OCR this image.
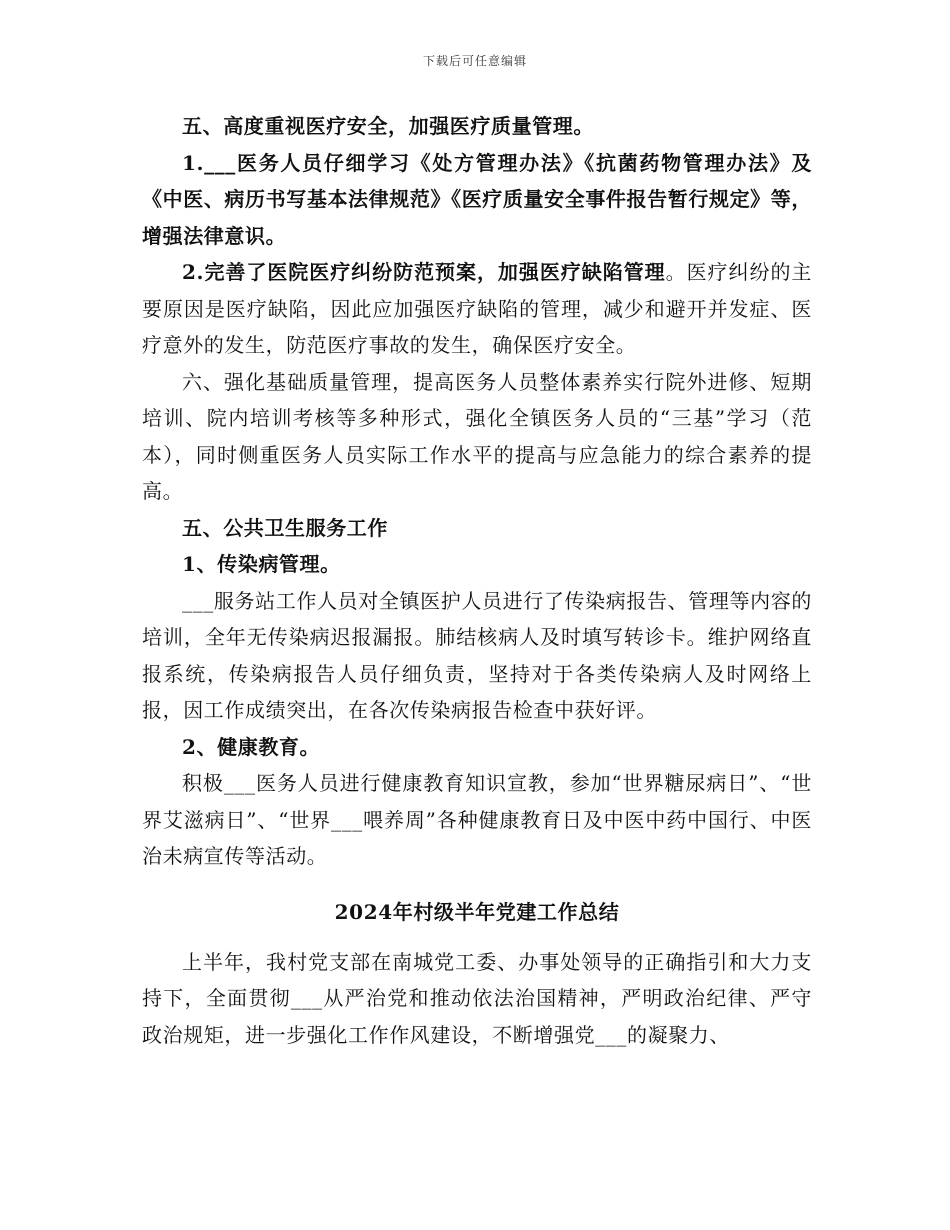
下载后可任意编辑

五、高度重视医疗安全，加强医疗质量管理。

1.___医务人员仔细学习《处方管理办法》《抗菌药物管理办法》及《中医、病历书写基本法律规范》《医疗质量安全事件报告暂行规定》等，增强法律意识。

2.完善了医院医疗纠纷防范预案，加强医疗缺陷管理。医疗纠纷的主要原因是医疗缺陷，因此应加强医疗缺陷的管理，减少和避开并发症、医疗意外的发生，防范医疗事故的发生，确保医疗安全。

六、强化基础质量管理，提高医务人员整体素养实行院外进修、短期培训、院内培训考核等多种形式，强化全镇医务人员的“三基”学习（范本），同时侧重医务人员实际工作水平的提高与应急能力的综合素养的提高。

五、公共卫生服务工作

1、传染病管理。

___服务站工作人员对全镇医护人员进行了传染病报告、管理等内容的培训，全年无传染病迟报漏报。肺结核病人及时填写转诊卡。维护网络直报系统，传染病报告人员仔细负责，坚持对于各类传染病人及时网络上报，因工作成绩突出，在各次传染病报告检查中获好评。

2、健康教育。

积极___医务人员进行健康教育知识宣教，参加“世界糖尿病日”、“世界艾滋病日”、“世界___喂养周”各种健康教育日及中医中药中国行、中医治未病宣传等活动。

2024年村级半年党建工作总结

上半年，我村党支部在南城党工委、办事处领导的正确指引和大力支持下，全面贯彻___从严治党和推动依法治国精神，严明政治纪律、严守政治规矩，进一步强化工作作风建设，不断增强党___的凝聚力、
